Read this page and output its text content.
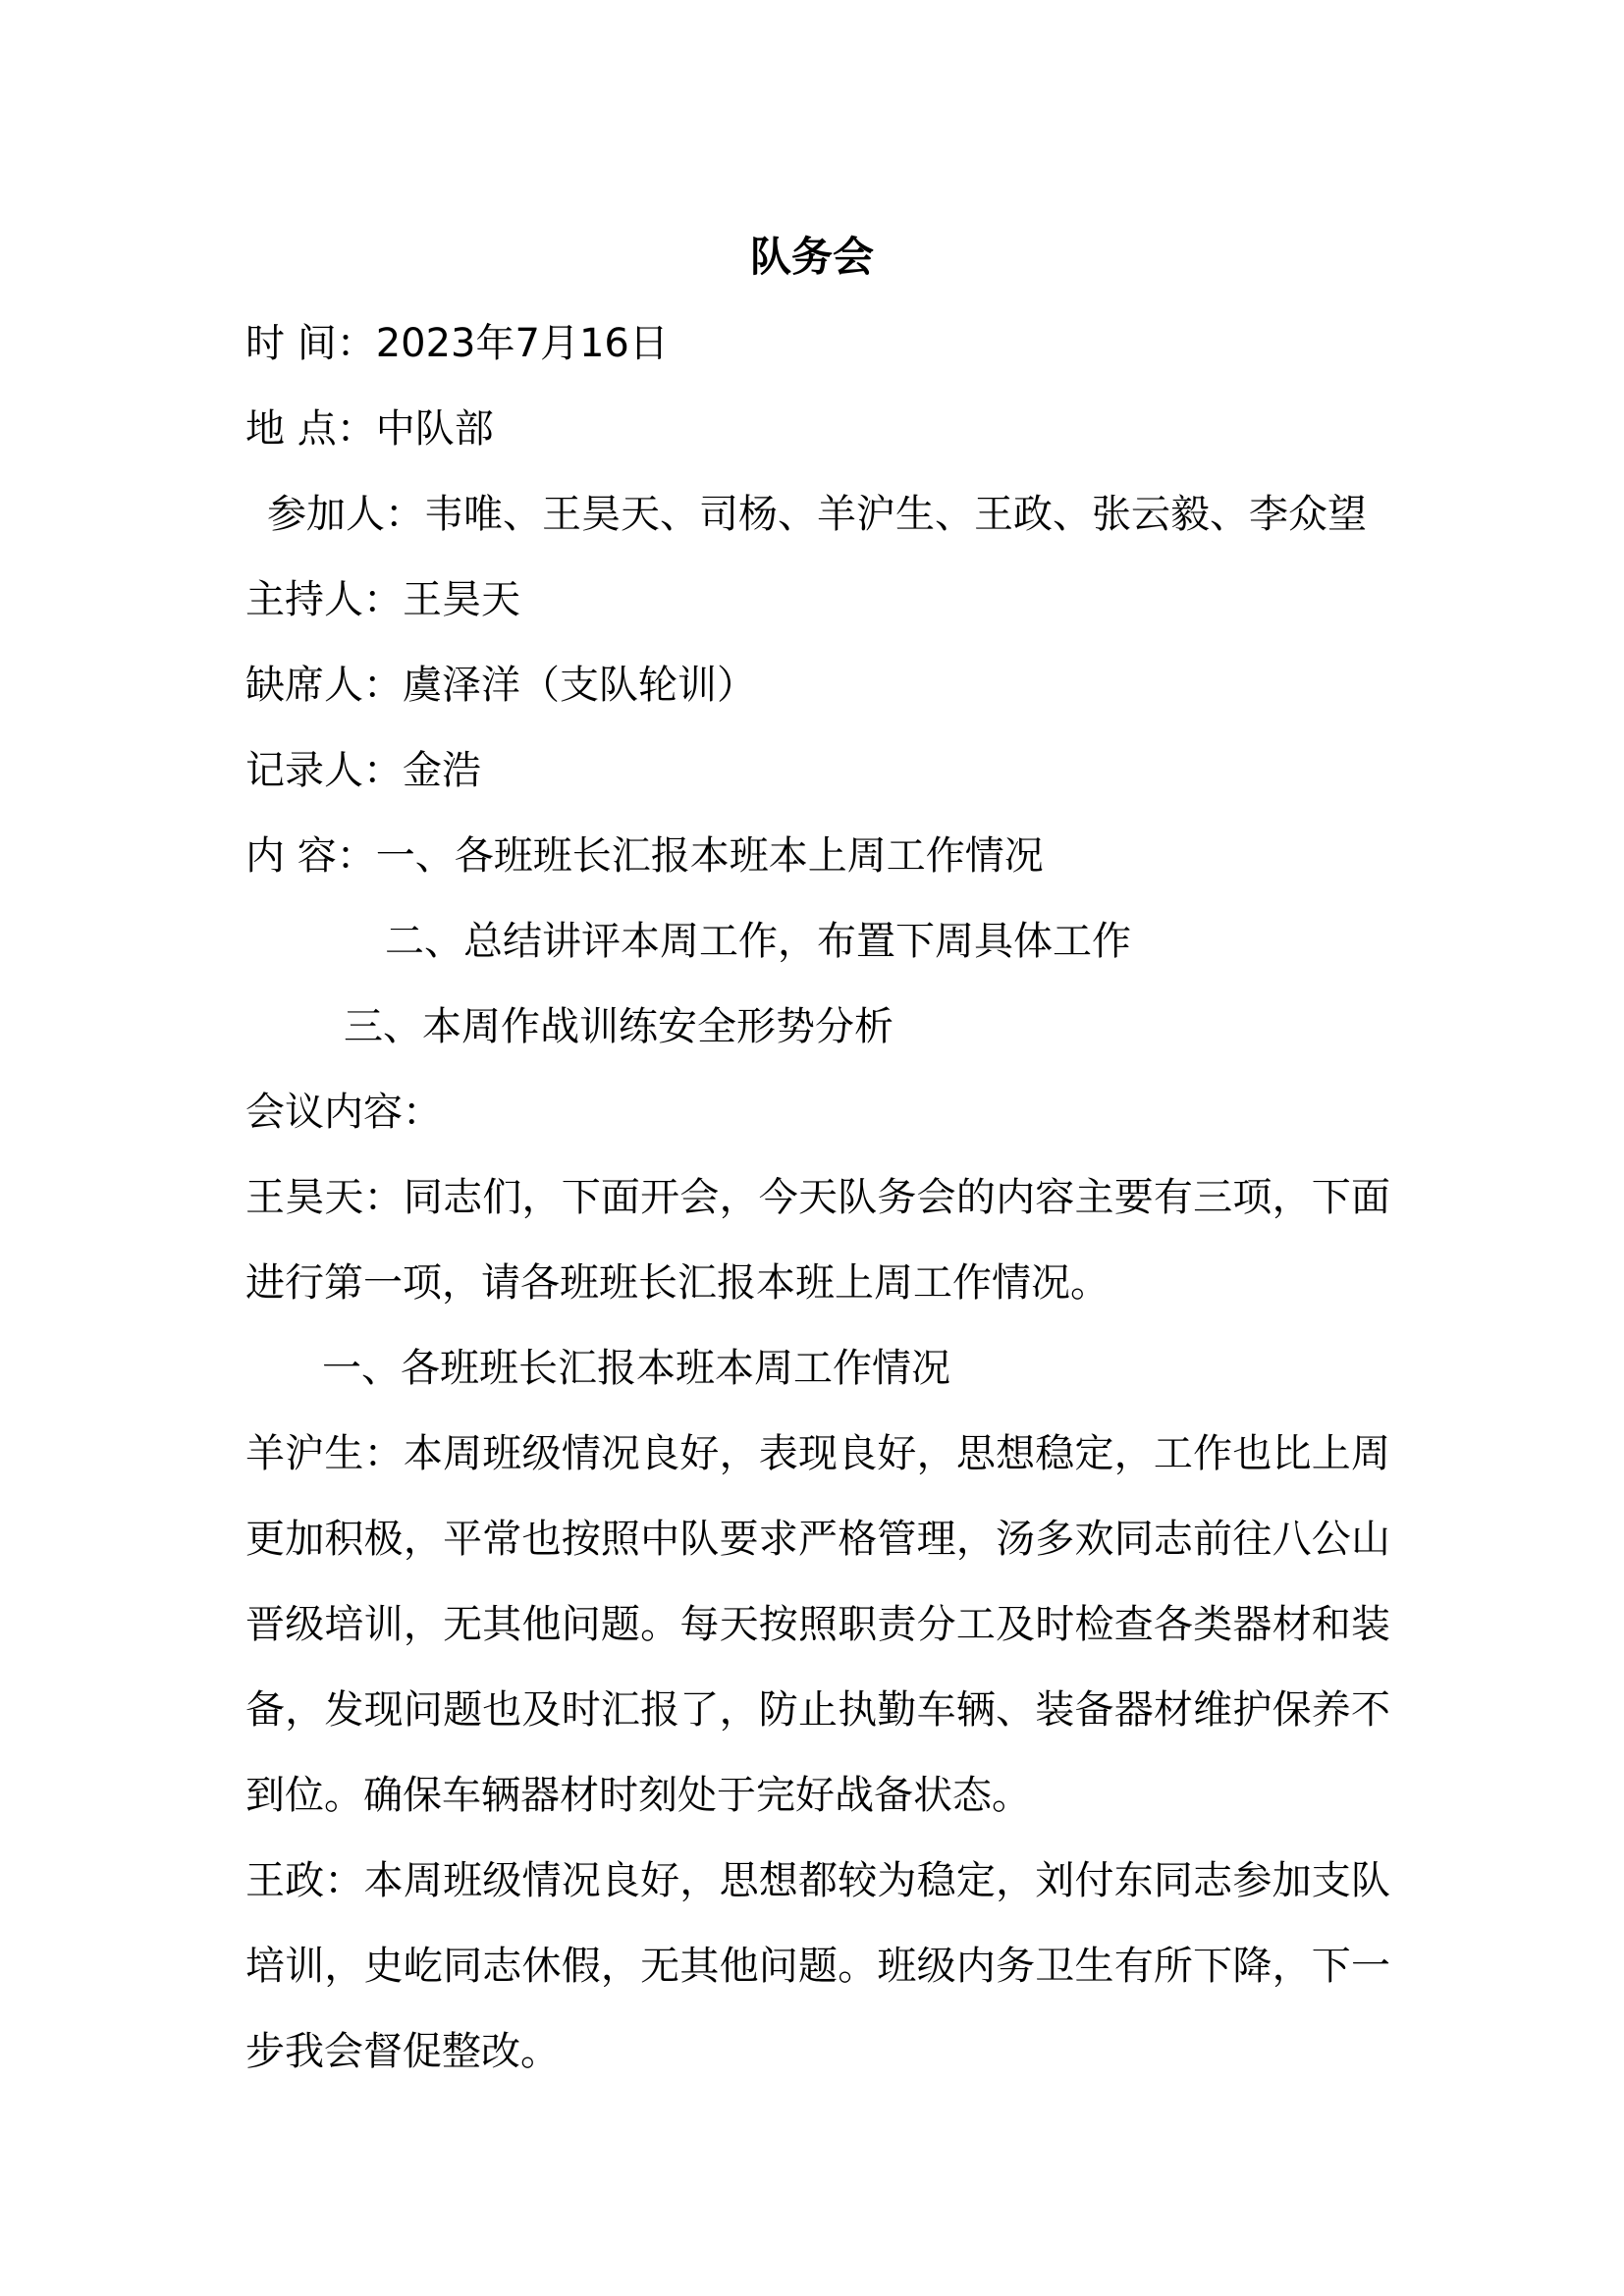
队务会
时 间：2023年7月16日
地 点：中队部
参加人：韦唯、王昊天、司杨、羊沪生、王政、张云毅、李众望
主持人：王昊天
缺席人：虞泽洋（支队轮训）
记录人：金浩
内 容：一、各班班长汇报本班本上周工作情况
二、总结讲评本周工作，布置下周具体工作
三、本周作战训练安全形势分析
会议内容：
王昊天：同志们，下面开会，今天队务会的内容主要有三项，下面进行第一项，请各班班长汇报本班上周工作情况。
一、各班班长汇报本班本周工作情况
羊沪生：本周班级情况良好，表现良好，思想稳定，工作也比上周更加积极，平常也按照中队要求严格管理，汤多欢同志前往八公山晋级培训，无其他问题。每天按照职责分工及时检查各类器材和装备，发现问题也及时汇报了，防止执勤车辆、装备器材维护保养不到位。确保车辆器材时刻处于完好战备状态。
王政：本周班级情况良好，思想都较为稳定，刘付东同志参加支队培训，史屹同志休假，无其他问题。班级内务卫生有所下降，下一步我会督促整改。
